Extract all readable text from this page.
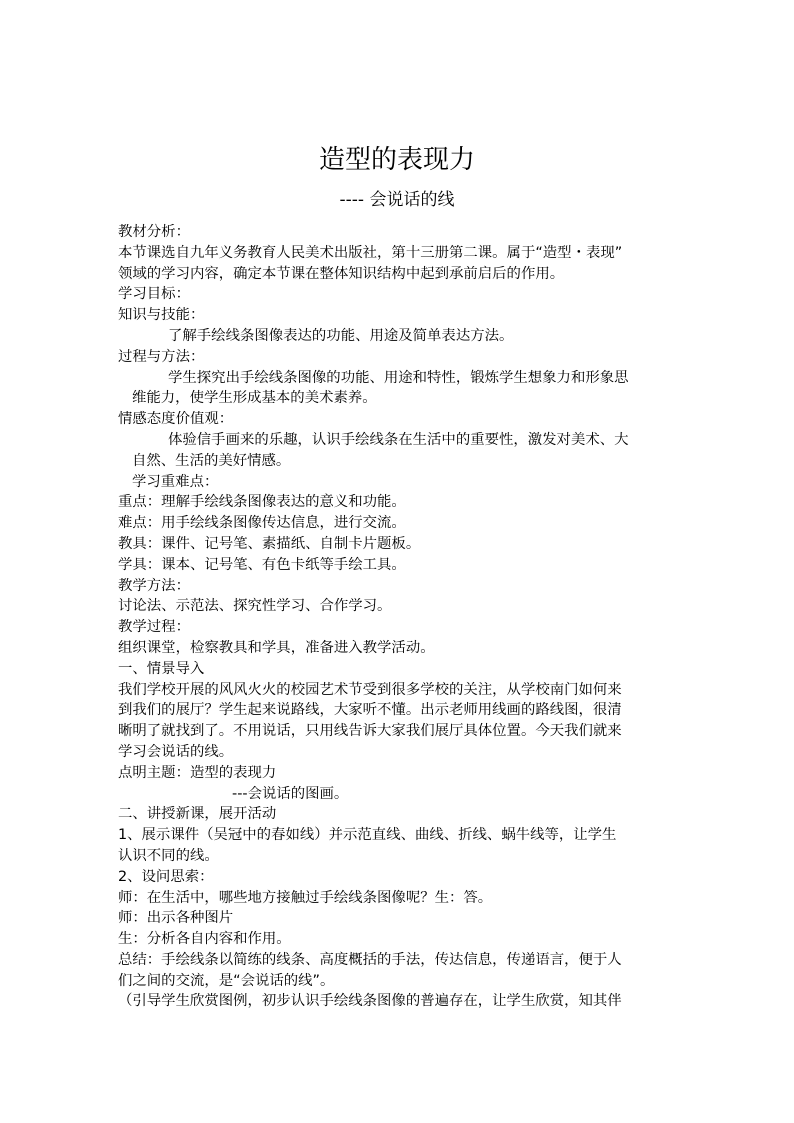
造型的表现力

---- 会说话的线

教材分析：

本节课选自九年义务教育人民美术出版社，第十三册第二课。属于“造型・表现”

领域的学习内容，确定本节课在整体知识结构中起到承前启后的作用。

学习目标：

知识与技能：

了解手绘线条图像表达的功能、用途及简单表达方法。

过程与方法：

学生探究出手绘线条图像的功能、用途和特性，锻炼学生想象力和形象思

维能力，使学生形成基本的美术素养。

情感态度价值观：

体验信手画来的乐趣，认识手绘线条在生活中的重要性，激发对美术、大

自然、生活的美好情感。

学习重难点：

重点：理解手绘线条图像表达的意义和功能。

难点：用手绘线条图像传达信息，进行交流。

教具：课件、记号笔、素描纸、自制卡片题板。

学具：课本、记号笔、有色卡纸等手绘工具。

教学方法：

讨论法、示范法、探究性学习、合作学习。

教学过程：

组织课堂，检察教具和学具，准备进入教学活动。

一、情景导入

我们学校开展的风风火火的校园艺术节受到很多学校的关注，从学校南门如何来

到我们的展厅？学生起来说路线，大家听不懂。出示老师用线画的路线图，很清

晰明了就找到了。不用说话，只用线告诉大家我们展厅具体位置。今天我们就来

学习会说话的线。

点明主题：造型的表现力

---会说话的图画。

二、讲授新课，展开活动

1、展示课件（吴冠中的春如线）并示范直线、曲线、折线、蜗牛线等，让学生

认识不同的线。

2、设问思索：

师：在生活中，哪些地方接触过手绘线条图像呢？生：答。

师：出示各种图片

生：分析各自内容和作用。

总结：手绘线条以简练的线条、高度概括的手法，传达信息，传递语言，便于人

们之间的交流，是“会说话的线”。

（引导学生欣赏图例，初步认识手绘线条图像的普遍存在，让学生欣赏，知其伴
